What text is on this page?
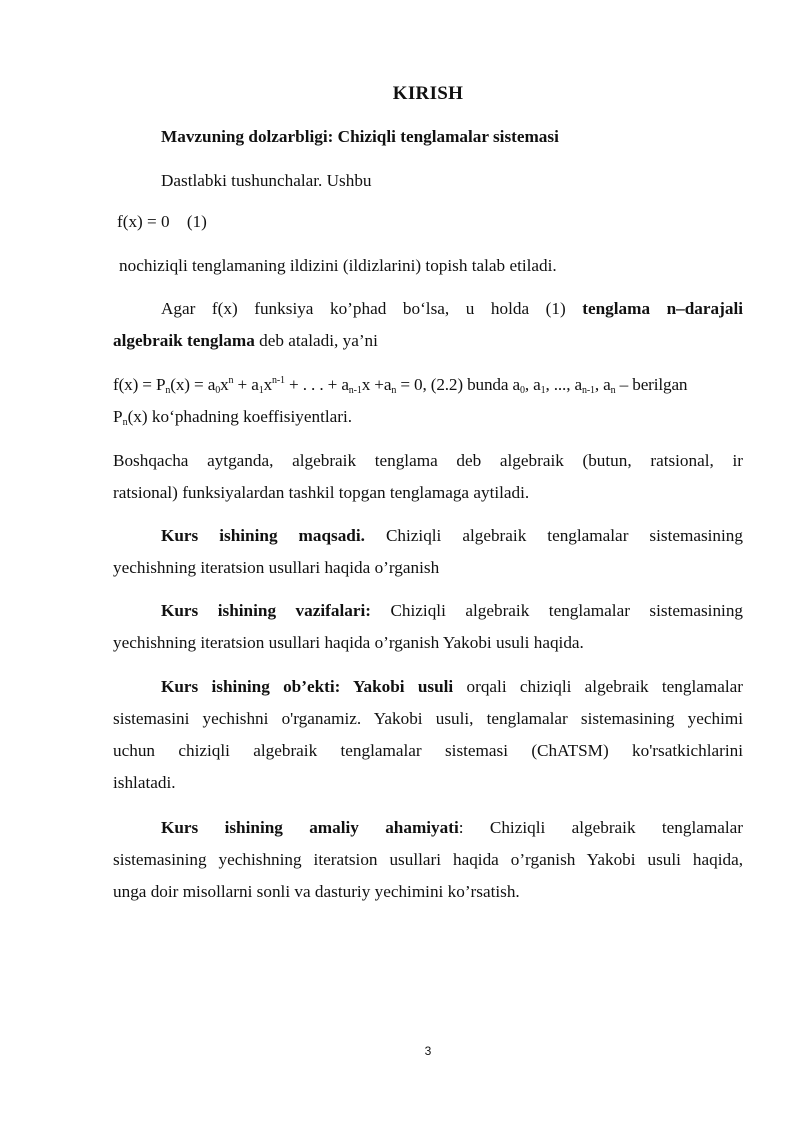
KIRISH
Mavzuning dolzarbligi: Chiziqli tenglamalar sistemasi
Dastlabki tushunchalar. Ushbu
f(x) = 0    (1)
nochiziqli tenglamaning ildizini (ildizlarini) topish talab etiladi.
Agar f(x) funksiya ko’phad bo‘lsa, u holda (1) tenglama n–darajali
algebraik tenglama deb ataladi, ya’ni
$f(x) = P_n(x) = a_0x^n + a_1x^{n-1}$ + . . . + $a_{n-1}x +a_n = 0$, (2.2) bunda $a_0$, $a_1$, ..., $a_{n-1}$, $a_n$ – berilgan
$P_n(x)$ ko‘phadning koeffisiyentlari.
Boshqacha aytganda, algebraik tenglama deb algebraik (butun, ratsional, ir
ratsional) funksiyalardan tashkil topgan tenglamaga aytiladi.
Kurs ishining maqsadi. Chiziqli algebraik tenglamalar sistemasining
yechishning iteratsion usullari haqida o’rganish
Kurs ishining vazifalari: Chiziqli algebraik tenglamalar sistemasining
yechishning iteratsion usullari haqida o’rganish Yakobi usuli haqida.
Kurs ishining ob’ekti: Yakobi usuli orqali chiziqli algebraik tenglamalar
sistemasini yechishni o'rganamiz. Yakobi usuli, tenglamalar sistemasining yechimi
uchun chiziqli algebraik tenglamalar sistemasi (ChATSM) ko'rsatkichlarini
ishlatadi.
Kurs ishining amaliy ahamiyati: Chiziqli algebraik tenglamalar
sistemasining yechishning iteratsion usullari haqida o’rganish Yakobi usuli haqida,
unga doir misollarni sonli va dasturiy yechimini ko’rsatish.
3
